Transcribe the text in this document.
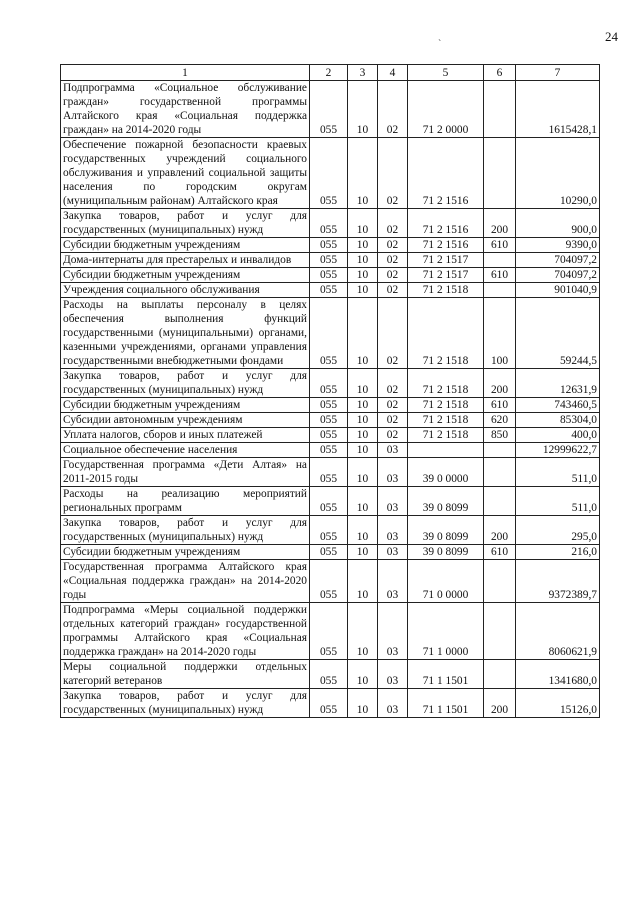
24
ˋ
1	2	3	4	5	6	7
Подпрограмма «Социальное обслуживание граждан» государственной программы Алтайского края «Социальная поддержка граждан» на 2014-2020 годы	055	10	02	71 2 0000		1615428,1
Обеспечение пожарной безопасности краевых государственных учреждений социального обслуживания и управлений социальной защиты населения по городским округам (муниципальным районам) Алтайского края	055	10	02	71 2 1516		10290,0
Закупка товаров, работ и услуг для государственных (муниципальных) нужд	055	10	02	71 2 1516	200	900,0
Субсидии бюджетным учреждениям	055	10	02	71 2 1516	610	9390,0
Дома-интернаты для престарелых и инвалидов	055	10	02	71 2 1517		704097,2
Субсидии бюджетным учреждениям	055	10	02	71 2 1517	610	704097,2
Учреждения социального обслуживания	055	10	02	71 2 1518		901040,9
Расходы на выплаты персоналу в целях обеспечения выполнения функций государственными (муниципальными) органами, казенными учреждениями, органами управления государственными внебюджетными фондами	055	10	02	71 2 1518	100	59244,5
Закупка товаров, работ и услуг для государственных (муниципальных) нужд	055	10	02	71 2 1518	200	12631,9
Субсидии бюджетным учреждениям	055	10	02	71 2 1518	610	743460,5
Субсидии автономным учреждениям	055	10	02	71 2 1518	620	85304,0
Уплата налогов, сборов и иных платежей	055	10	02	71 2 1518	850	400,0
Социальное обеспечение населения	055	10	03			12999622,7
Государственная программа «Дети Алтая» на 2011-2015 годы	055	10	03	39 0 0000		511,0
Расходы на реализацию мероприятий региональных программ	055	10	03	39 0 8099		511,0
Закупка товаров, работ и услуг для государственных (муниципальных) нужд	055	10	03	39 0 8099	200	295,0
Субсидии бюджетным учреждениям	055	10	03	39 0 8099	610	216,0
Государственная программа Алтайского края «Социальная поддержка граждан» на 2014-2020 годы	055	10	03	71 0 0000		9372389,7
Подпрограмма «Меры социальной поддержки отдельных категорий граждан» государственной программы Алтайского края «Социальная поддержка граждан» на 2014-2020 годы	055	10	03	71 1 0000		8060621,9
Меры социальной поддержки отдельных категорий ветеранов	055	10	03	71 1 1501		1341680,0
Закупка товаров, работ и услуг для государственных (муниципальных) нужд	055	10	03	71 1 1501	200	15126,0
